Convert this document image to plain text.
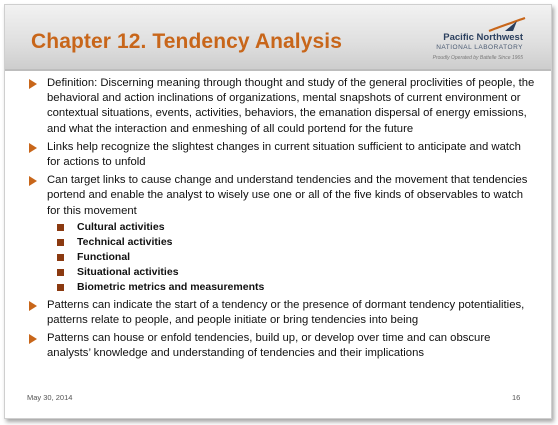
Chapter 12. Tendency Analysis	Pacific Northwest
NATIONAL LABORATORY
Proudly Operated by Battelle Since 1965
Definition: Discerning meaning through thought and study of the general proclivities of people, the behavioral and action inclinations of organizations, mental snapshots of current environment or contextual situations, events, activities, behaviors, the emanation dispersal of energy emissions, and what the interaction and enmeshing of all could portend for the future
Links help recognize the slightest changes in current situation sufficient to anticipate and watch for actions to unfold
Can target links to cause change and understand tendencies and the movement that tendencies portend and enable the analyst to wisely use one or all of the five kinds of observables to watch for this movement
Cultural activities
Technical activities
Functional
Situational activities
Biometric metrics and measurements
Patterns can indicate the start of a tendency or the presence of dormant tendency potentialities, patterns relate to people, and people initiate or bring tendencies into being
Patterns can house or enfold tendencies, build up, or develop over time and can obscure analysts’ knowledge and understanding of tendencies and their implications
May 30, 2014	16
